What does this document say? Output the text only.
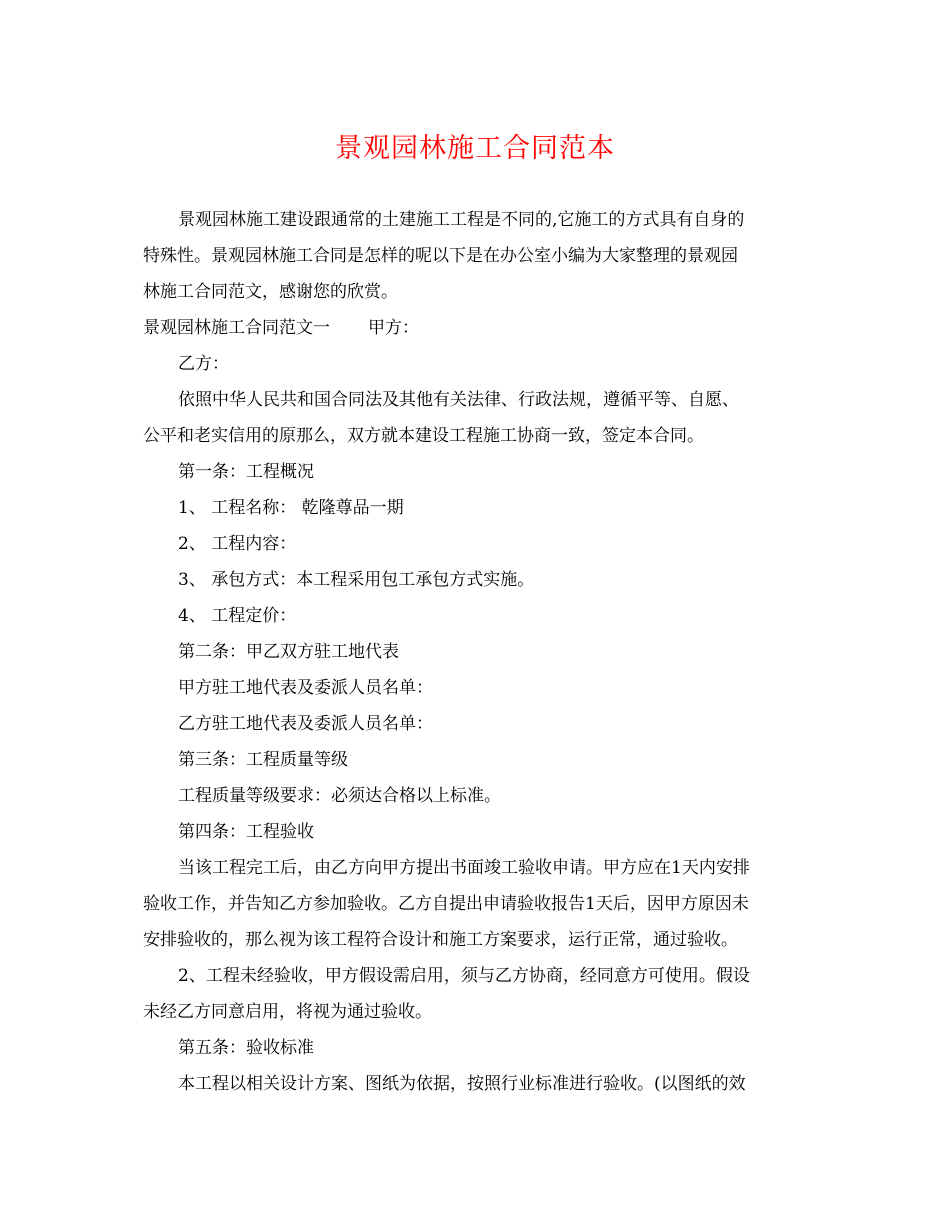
景观园林施工合同范本

景观园林施工建设跟通常的土建施工工程是不同的,它施工的方式具有自身的

特殊性。景观园林施工合同是怎样的呢以下是在办公室小编为大家整理的景观园

林施工合同范文，感谢您的欣赏。

景观园林施工合同范文一 甲方：

乙方：

依照中华人民共和国合同法及其他有关法律、行政法规，遵循平等、自愿、

公平和老实信用的原那么，双方就本建设工程施工协商一致，签定本合同。

第一条：工程概况

1、 工程名称： 乾隆尊品一期

2、 工程内容：

3、 承包方式：本工程采用包工承包方式实施。

4、 工程定价：

第二条：甲乙双方驻工地代表

甲方驻工地代表及委派人员名单：

乙方驻工地代表及委派人员名单：

第三条：工程质量等级

工程质量等级要求：必须达合格以上标准。

第四条：工程验收

当该工程完工后，由乙方向甲方提出书面竣工验收申请。甲方应在1天内安排

验收工作，并告知乙方参加验收。乙方自提出申请验收报告1天后，因甲方原因未

安排验收的，那么视为该工程符合设计和施工方案要求，运行正常，通过验收。

2、工程未经验收，甲方假设需启用，须与乙方协商，经同意方可使用。假设

未经乙方同意启用，将视为通过验收。

第五条：验收标准

本工程以相关设计方案、图纸为依据，按照行业标准进行验收。(以图纸的效
